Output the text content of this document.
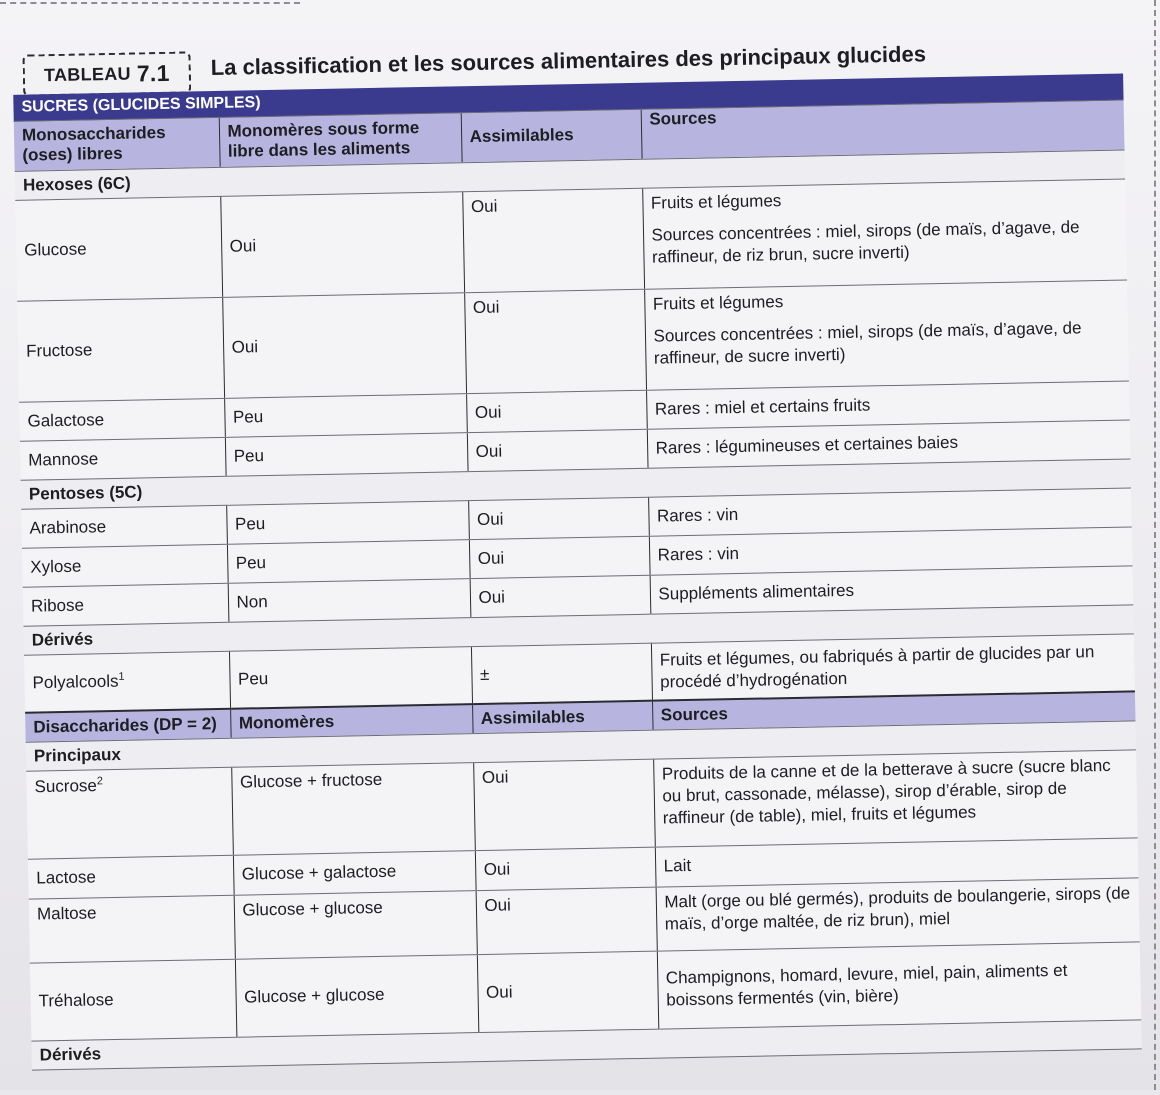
TABLEAU 7.1 La classification et les sources alimentaires des principaux glucides
SUCRES (GLUCIDES SIMPLES)			
Monosaccharides (oses) libres	Monomères sous forme libre dans les aliments	Assimilables	Sources
Hexoses (6C)			
Glucose	Oui	Oui	Fruits et légumes
Sources concentrées : miel, sirops (de maïs, d’agave, de raffineur, de riz brun, sucre inverti)

Fructose	Oui	Oui	Fruits et légumes
Sources concentrées : miel, sirops (de maïs, d’agave, de raffineur, de sucre inverti)

Galactose	Peu	Oui	Rares : miel et certains fruits
Mannose	Peu	Oui	Rares : légumineuses et certaines baies
Pentoses (5C)			
Arabinose	Peu	Oui	Rares : vin
Xylose	Peu	Oui	Rares : vin
Ribose	Non	Oui	Suppléments alimentaires
Dérivés			
Polyalcools$^1$	Peu	±	Fruits et légumes, ou fabriqués à partir de glucides par un procédé d’hydrogénation
Disaccharides (DP = 2)	Monomères	Assimilables	Sources
Principaux			
Sucrose$^2$	Glucose + fructose	Oui	Produits de la canne et de la betterave à sucre (sucre blanc ou brut, cassonade, mélasse), sirop d’érable, sirop de raffineur (de table), miel, fruits et légumes
Lactose	Glucose + galactose	Oui	Lait
Maltose	Glucose + glucose	Oui	Malt (orge ou blé germés), produits de boulangerie, sirops (de maïs, d’orge maltée, de riz brun), miel
Tréhalose	Glucose + glucose	Oui	Champignons, homard, levure, miel, pain, aliments et boissons fermentés (vin, bière)
Dérivés			
